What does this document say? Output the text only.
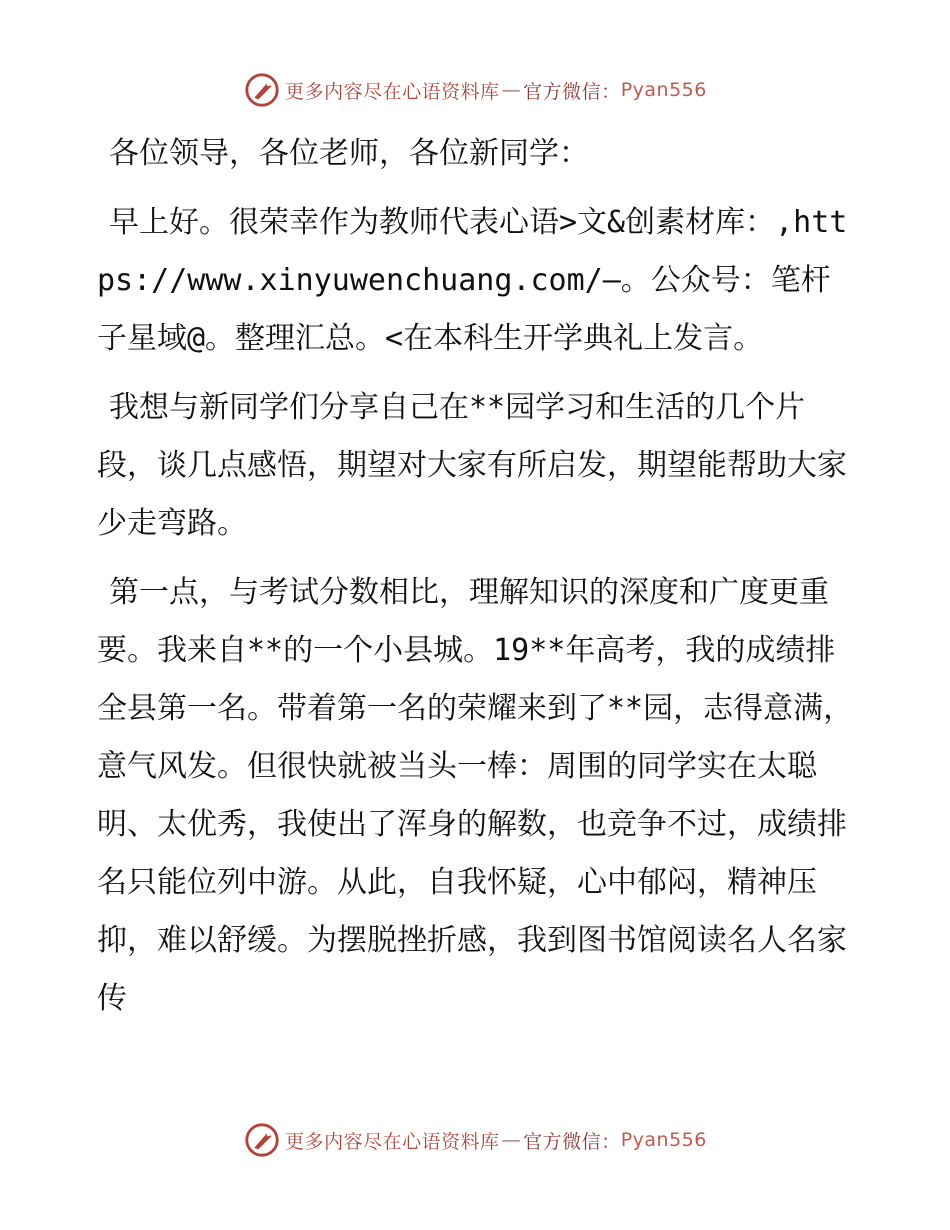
更多内容尽在心语资料库 — 官方微信： Pyan556

各位领导，各位老师，各位新同学：

早上好。很荣幸作为教师代表心语>文&创素材库：,https://www.xinyuwenchuang.com/—。公众号：笔杆子星域@。整理汇总。<在本科生开学典礼上发言。

我想与新同学们分享自己在**园学习和生活的几个片段，谈几点感悟，期望对大家有所启发，期望能帮助大家少走弯路。

第一点，与考试分数相比，理解知识的深度和广度更重要。我来自**的一个小县城。19**年高考，我的成绩排全县第一名。带着第一名的荣耀来到了**园，志得意满，意气风发。但很快就被当头一棒：周围的同学实在太聪明、太优秀，我使出了浑身的解数，也竞争不过，成绩排名只能位列中游。从此，自我怀疑，心中郁闷，精神压抑，难以舒缓。为摆脱挫折感，我到图书馆阅读名人名家传

更多内容尽在心语资料库 — 官方微信： Pyan556
